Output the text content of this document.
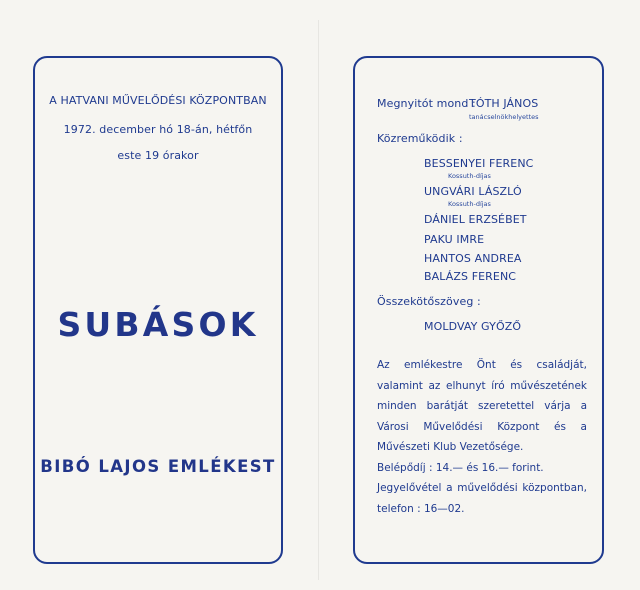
A HATVANI MŰVELŐDÉSI KÖZPONTBAN
1972. december hó 18-án, hétfőn
este 19 órakor
SUBÁSOK
BIBÓ LAJOS EMLÉKEST
Megnyitót mond :
TÓTH JÁNOS
tanácselnökhelyettes
Közreműködik :
BESSENYEI FERENC
Kossuth-díjas
UNGVÁRI LÁSZLÓ
Kossuth-díjas
DÁNIEL ERZSÉBET
PAKU IMRE
HANTOS ANDREA
BALÁZS FERENC
Összekötőszöveg :
MOLDVAY GYŐZŐ

Az emlékestre Önt és családját, valamint az elhunyt író művészetének minden barátját szeretettel várja a Városi Művelődési Központ és a Művészeti Klub Vezetősége.

Belépődíj : 14.— és 16.— forint.

Jegyelővétel a művelődési központban, telefon : 16—02.
